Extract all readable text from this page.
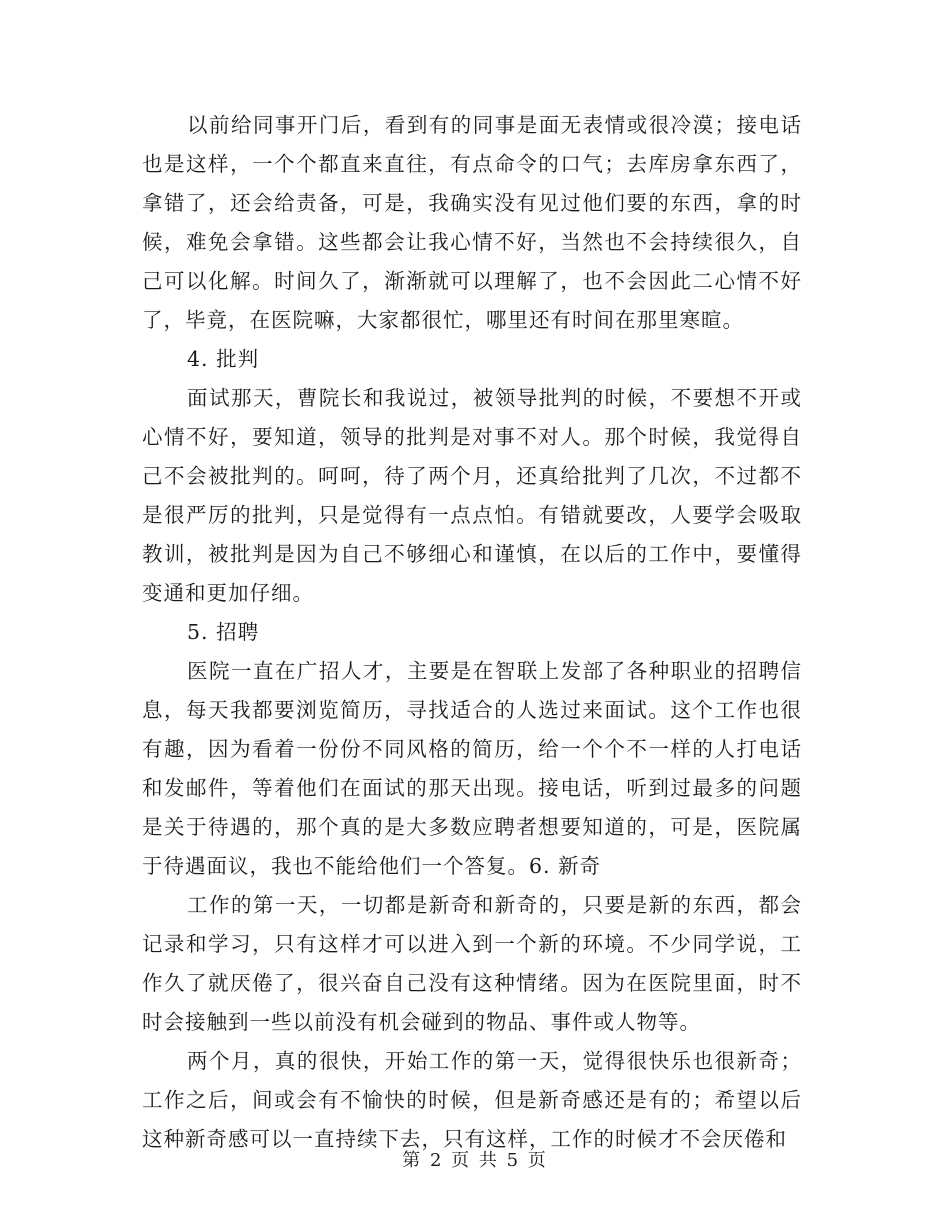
以前给同事开门后，看到有的同事是面无表情或很冷漠；接电话也是这样，一个个都直来直往，有点命令的口气；去库房拿东西了，拿错了，还会给责备，可是，我确实没有见过他们要的东西，拿的时候，难免会拿错。这些都会让我心情不好，当然也不会持续很久，自己可以化解。时间久了，渐渐就可以理解了，也不会因此二心情不好了，毕竟，在医院嘛，大家都很忙，哪里还有时间在那里寒暄。

4. 批判

面试那天，曹院长和我说过，被领导批判的时候，不要想不开或心情不好，要知道，领导的批判是对事不对人。那个时候，我觉得自己不会被批判的。呵呵，待了两个月，还真给批判了几次，不过都不是很严厉的批判，只是觉得有一点点怕。有错就要改，人要学会吸取教训，被批判是因为自己不够细心和谨慎，在以后的工作中，要懂得变通和更加仔细。

5. 招聘

医院一直在广招人才，主要是在智联上发部了各种职业的招聘信息，每天我都要浏览简历，寻找适合的人选过来面试。这个工作也很有趣，因为看着一份份不同风格的简历，给一个个不一样的人打电话和发邮件，等着他们在面试的那天出现。接电话，听到过最多的问题是关于待遇的，那个真的是大多数应聘者想要知道的，可是，医院属于待遇面议，我也不能给他们一个答复。6. 新奇

工作的第一天，一切都是新奇和新奇的，只要是新的东西，都会记录和学习，只有这样才可以进入到一个新的环境。不少同学说，工作久了就厌倦了，很兴奋自己没有这种情绪。因为在医院里面，时不时会接触到一些以前没有机会碰到的物品、事件或人物等。

两个月，真的很快，开始工作的第一天，觉得很快乐也很新奇；工作之后，间或会有不愉快的时候，但是新奇感还是有的；希望以后这种新奇感可以一直持续下去，只有这样，工作的时候才不会厌倦和

第 2 页 共 5 页
